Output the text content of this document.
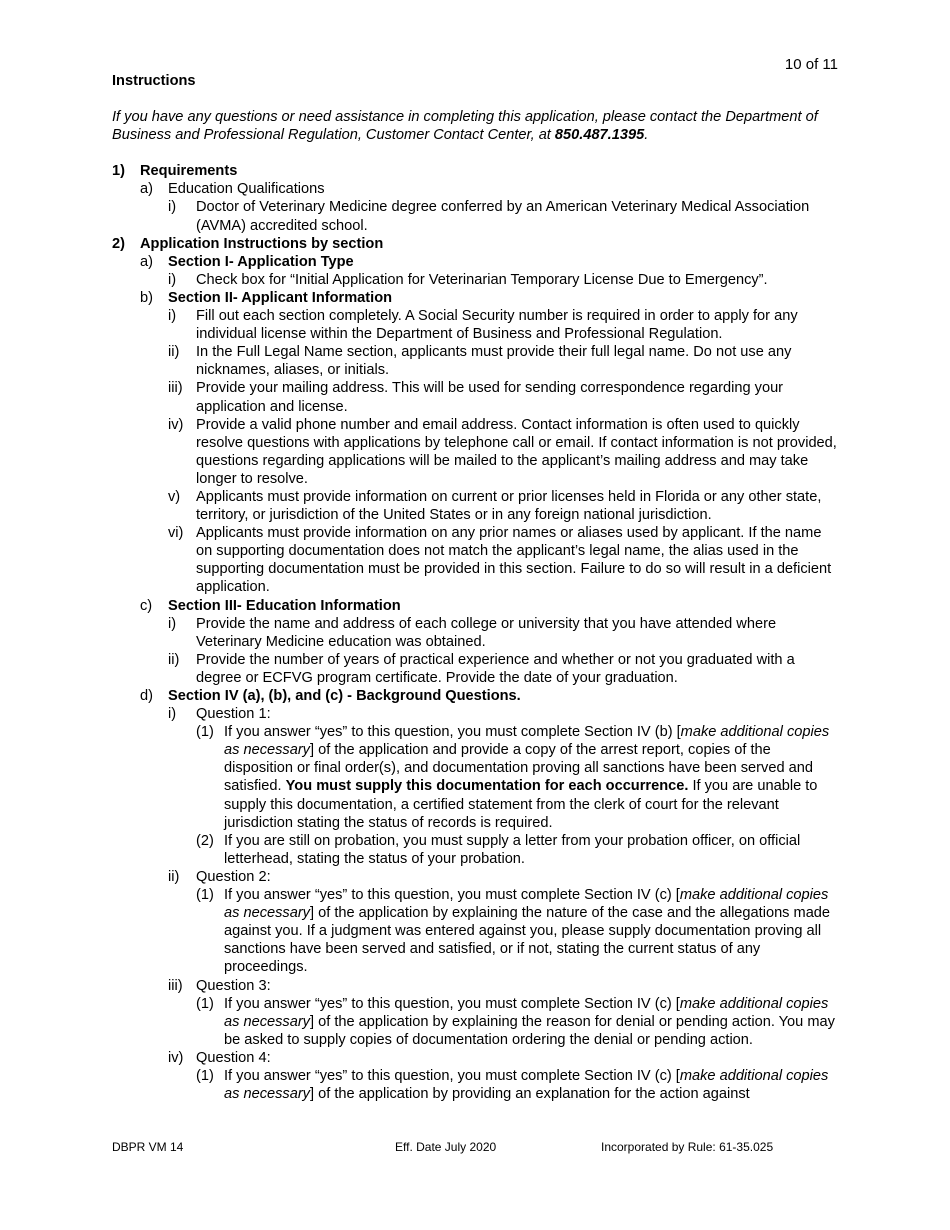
10 of 11

Instructions

If you have any questions or need assistance in completing this application, please contact the Department of Business and Professional Regulation, Customer Contact Center, at 850.487.1395.
1)	Requirements
a)	Education Qualifications
i)	Doctor of Veterinary Medicine degree conferred by an American Veterinary Medical Association (AVMA) accredited school.
2)	Application Instructions by section
a)	Section I- Application Type
i)	Check box for “Initial Application for Veterinarian Temporary License Due to Emergency”.
b)	Section II- Applicant Information
i)	Fill out each section completely. A Social Security number is required in order to apply for any individual license within the Department of Business and Professional Regulation.
ii)	In the Full Legal Name section, applicants must provide their full legal name. Do not use any nicknames, aliases, or initials.
iii) Provide your mailing address. This will be used for sending correspondence regarding your application and license.
iv) Provide a valid phone number and email address. Contact information is often used to quickly resolve questions with applications by telephone call or email. If contact information is not provided, questions regarding applications will be mailed to the applicant’s mailing address and may take longer to resolve.
v)	Applicants must provide information on current or prior licenses held in Florida or any other state, territory, or jurisdiction of the United States or in any foreign national jurisdiction.
vi) Applicants must provide information on any prior names or aliases used by applicant. If the name on supporting documentation does not match the applicant’s legal name, the alias used in the supporting documentation must be provided in this section. Failure to do so will result in a deficient application.
c)	Section III- Education Information
i)	Provide the name and address of each college or university that you have attended where Veterinary Medicine education was obtained.
ii)	Provide the number of years of practical experience and whether or not you graduated with a degree or ECFVG program certificate. Provide the date of your graduation.
d)	Section IV (a), (b), and (c) - Background Questions.
i)	Question 1:
(1) If you answer “yes” to this question, you must complete Section IV (b) [make additional copies as necessary] of the application and provide a copy of the arrest report, copies of the disposition or final order(s), and documentation proving all sanctions have been served and satisfied. You must supply this documentation for each occurrence. If you are unable to supply this documentation, a certified statement from the clerk of court for the relevant jurisdiction stating the status of records is required.
(2) If you are still on probation, you must supply a letter from your probation officer, on official letterhead, stating the status of your probation.
ii)	Question 2:
(1) If you answer “yes” to this question, you must complete Section IV (c) [make additional copies as necessary] of the application by explaining the nature of the case and the allegations made against you. If a judgment was entered against you, please supply documentation proving all sanctions have been served and satisfied, or if not, stating the current status of any proceedings.
iii) Question 3:
(1) If you answer “yes” to this question, you must complete Section IV (c) [make additional copies as necessary] of the application by explaining the reason for denial or pending action. You may be asked to supply copies of documentation ordering the denial or pending action.
iv) Question 4:
(1) If you answer “yes” to this question, you must complete Section IV (c) [make additional copies as necessary] of the application by providing an explanation for the action against
DBPR VM 14	Eff. Date July 2020	Incorporated by Rule: 61-35.025
